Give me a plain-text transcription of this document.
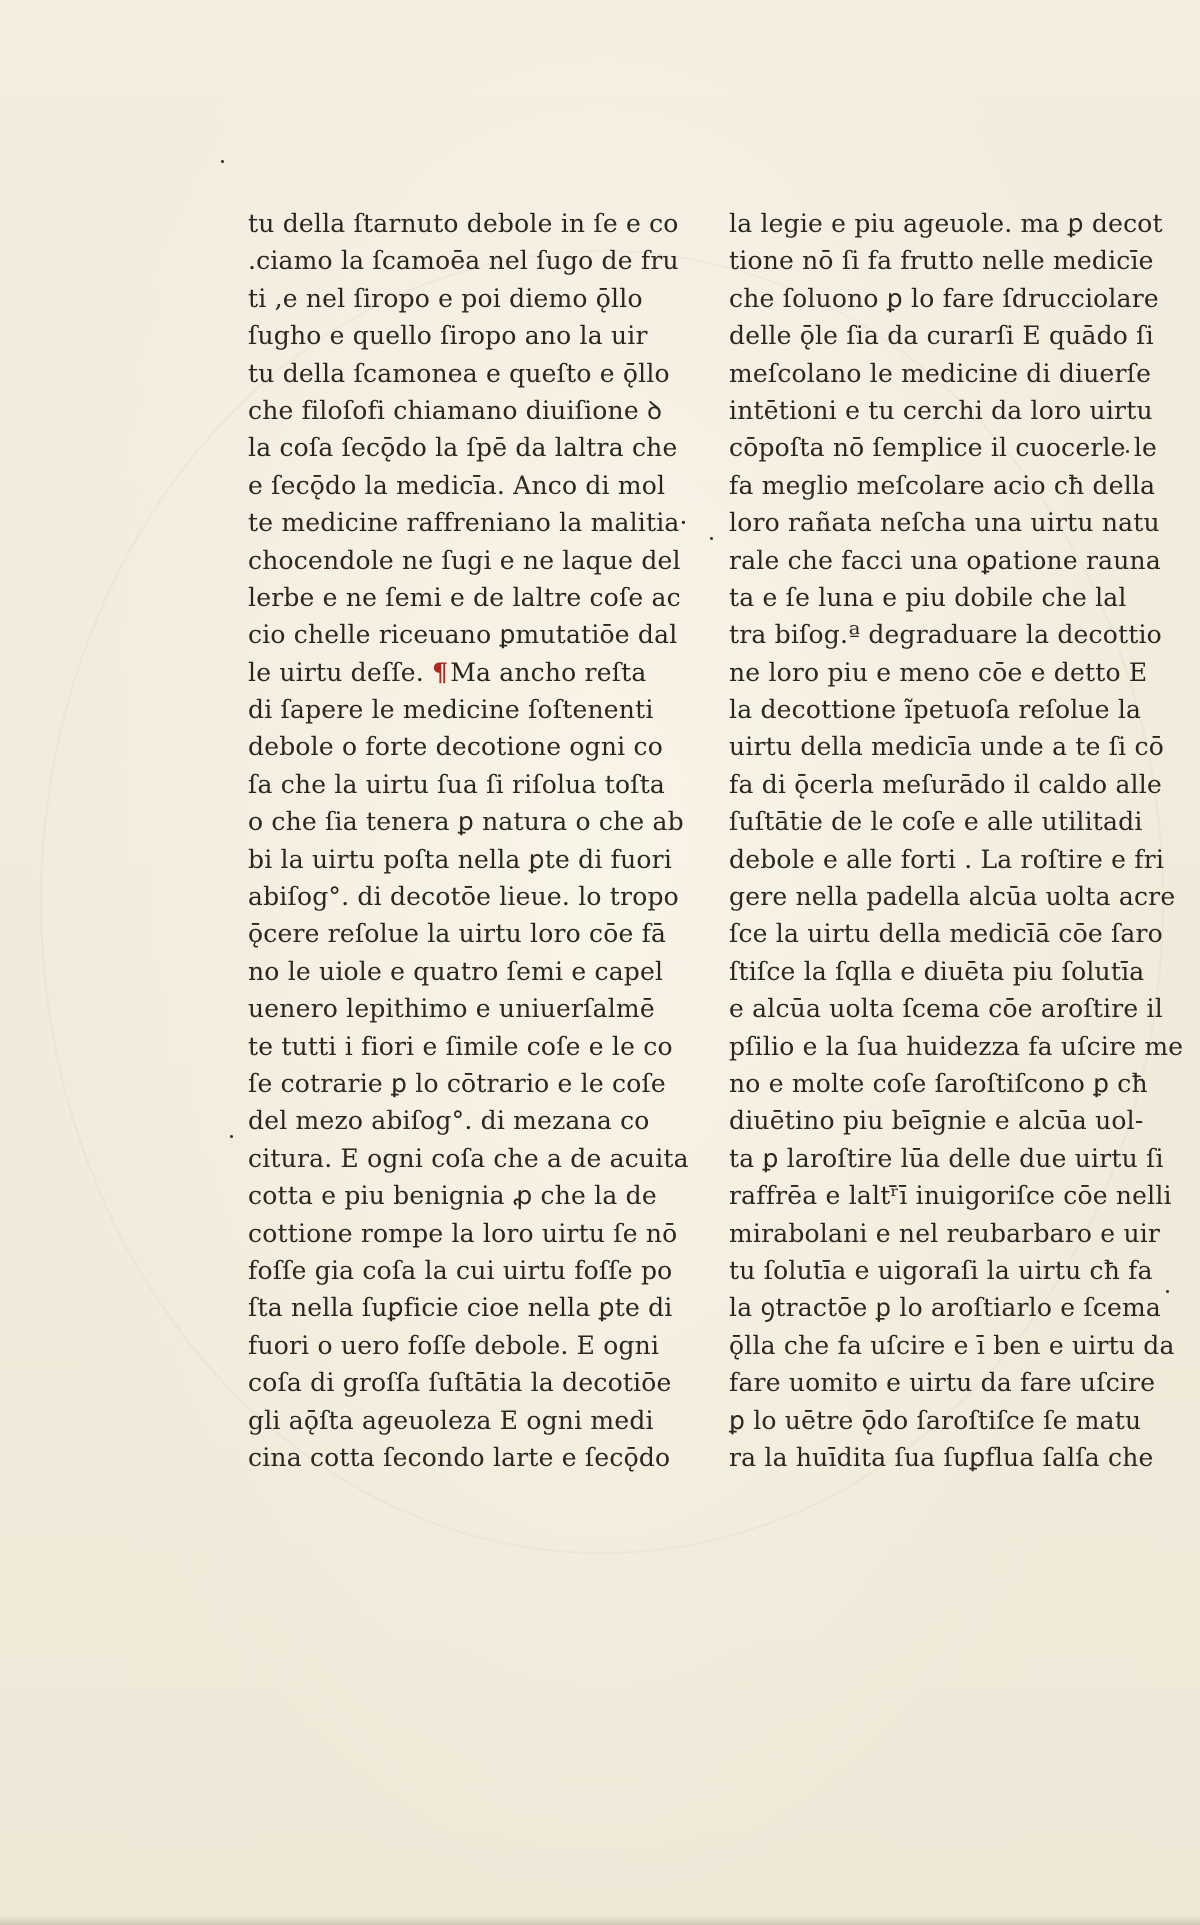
tu della ſtarnuto debole in ſe e co
.ciamo la ſcamoēa nel ſugo de fru
ti ,e nel ſiropo e poi diemo ǭllo
ſugho e quello ſiropo ano la uir
tu della ſcamonea e queſto e ǭllo
che filoſofi chiamano diuiſione ꝺ
la coſa ſecǭdo la ſpē da laltra che
e ſecǭdo la medicīa. Anco di mol
te medicine raffreniano la malitia·
chocendole ne ſugi e ne laque del
lerbe e ne ſemi e de laltre coſe ac
cio chelle riceuano ꝑmutatiōe dal
le uirtu deſſe. ¶Ma ancho reſta
di ſapere le medicine ſoſtenenti
debole o forte decotione ogni co
ſa che la uirtu ſua ſi riſolua toſta
o che ſia tenera ꝑ natura o che ab
bi la uirtu poſta nella ꝑte di fuori
abiſog°. di decotōe lieue. lo tropo
ǭcere reſolue la uirtu loro cōe fā
no le uiole e quatro ſemi e capel
uenero lepithimo e uniuerſalmē
te tutti i fiori e ſimile coſe e le co
ſe cotrarie ꝑ lo cōtrario e le coſe
del mezo abiſog°. di mezana co
citura. E ogni coſa che a de acuita
cotta e piu benignia ꝓ che la de
cottione rompe la loro uirtu ſe nō
foſſe gia coſa la cui uirtu foſſe po
ſta nella ſuꝑficie cioe nella ꝑte di
fuori o uero foſſe debole. E ogni
coſa di groſſa ſuſtātia la decotiōe
gli aǭſta ageuoleza E ogni medi
cina cotta ſecondo larte e ſecǭdo
la legie e piu ageuole. ma ꝑ decot
tione nō ſi fa frutto nelle medicīe
che ſoluono ꝑ lo fare ſdrucciolare
delle ǭle ſia da curarſi E quādo ſi
meſcolano le medicine di diuerſe
intētioni e tu cerchi da loro uirtu
cōpoſta nō ſemplice il cuocerle le
fa meglio meſcolare acio cħ della
loro rañata neſcha una uirtu natu
rale che facci una oꝑatione rauna
ta e ſe luna e piu dobile che lal
tra biſog.ª degraduare la decottio
ne loro piu e meno cōe e detto E
la decottione ĩpetuoſa reſolue la
uirtu della medicīa unde a te ſi cō
fa di ǭcerla meſurādo il caldo alle
ſuſtātie de le coſe e alle utilitadi
debole e alle forti . La roſtire e fri
gere nella padella alcūa uolta acre
ſce la uirtu della medicīā cōe ſaro
ſtiſce la ſqlla e diuēta piu ſolutīa
e alcūa uolta ſcema cōe aroſtire il
pſilio e la ſua huidezza fa uſcire me
no e molte coſe ſaroſtiſcono ꝑ cħ
diuētino piu beīgnie e alcūa uol-
ta ꝑ laroſtire lūa delle due uirtu ſi
raffrēa e laltʳ̄ī inuigoriſce cōe nelli
mirabolani e nel reubarbaro e uir
tu ſolutīa e uigoraſi la uirtu cħ fa
la ꝯtractōe ꝑ lo aroſtiarlo e ſcema
ǭlla che fa uſcire e ī ben e uirtu da
fare uomito e uirtu da fare uſcire
ꝑ lo uētre ǭdo ſaroſtiſce ſe matu
ra la huīdita ſua ſuꝑflua ſalſa che
